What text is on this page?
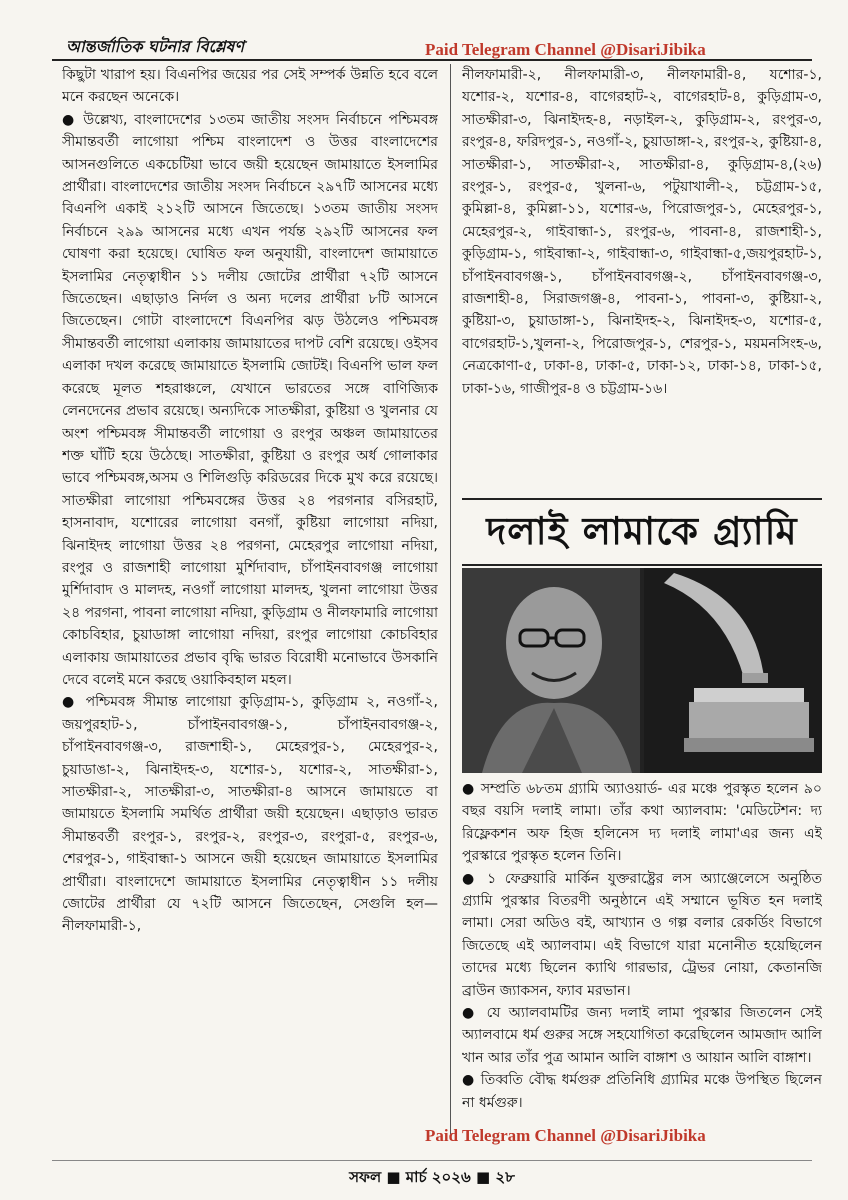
আন্তর্জাতিক ঘটনার বিশ্লেষণ	Paid Telegram Channel @DisariJibika

কিছুটা খারাপ হয়। বিএনপির জয়ের পর সেই সম্পর্ক উন্নতি হবে বলে মনে করছেন অনেকে।

● উল্লেখ্য, বাংলাদেশের ১৩তম জাতীয় সংসদ নির্বাচনে পশ্চিমবঙ্গ সীমান্তবর্তী লাগোয়া পশ্চিম বাংলাদেশ ও উত্তর বাংলাদেশের আসনগুলিতে একচেটিয়া ভাবে জয়ী হয়েছেন জামায়াতে ইসলামির প্রার্থীরা। বাংলাদেশের জাতীয় সংসদ নির্বাচনে ২৯৭টি আসনের মধ্যে বিএনপি একাই ২১২টি আসনে জিতেছে। ১৩তম জাতীয় সংসদ নির্বাচনে ২৯৯ আসনের মধ্যে এখন পর্যন্ত ২৯২টি আসনের ফল ঘোষণা করা হয়েছে। ঘোষিত ফল অনুযায়ী, বাংলাদেশ জামায়াতে ইসলামির নেতৃত্বাধীন ১১ দলীয় জোটের প্রার্থীরা ৭২টি আসনে জিতেছেন। এছাড়াও নির্দল ও অন্য দলের প্রার্থীরা ৮টি আসনে জিতেছেন। গোটা বাংলাদেশে বিএনপির ঝড় উঠলেও পশ্চিমবঙ্গ সীমান্তবর্তী লাগোয়া এলাকায় জামায়াতের দাপট বেশি রয়েছে। ওইসব এলাকা দখল করেছে জামায়াতে ইসলামি জোটই। বিএনপি ভাল ফল করেছে মূলত শহরাঞ্চলে, যেখানে ভারতের সঙ্গে বাণিজ্যিক লেনদেনের প্রভাব রয়েছে। অন্যদিকে সাতক্ষীরা, কুষ্টিয়া ও খুলনার যে অংশ পশ্চিমবঙ্গ সীমান্তবর্তী লাগোয়া ও রংপুর অঞ্চল জামায়াতের শক্ত ঘাঁটি হয়ে উঠেছে। সাতক্ষীরা, কুষ্টিয়া ও রংপুর অর্ধ গোলাকার ভাবে পশ্চিমবঙ্গ,অসম ও শিলিগুড়ি করিডরের দিকে মুখ করে রয়েছে। সাতক্ষীরা লাগোয়া পশ্চিমবঙ্গের উত্তর ২৪ পরগনার বসিরহাট, হাসনাবাদ, যশোরের লাগোয়া বনগাঁ, কুষ্টিয়া লাগোয়া নদিয়া, ঝিনাইদহ লাগোয়া উত্তর ২৪ পরগনা, মেহেরপুর লাগোয়া নদিয়া, রংপুর ও রাজশাহী লাগোয়া মুর্শিদাবাদ, চাঁপাইনবাবগঞ্জ লাগোয়া মুর্শিদাবাদ ও মালদহ, নওগাঁ লাগোয়া মালদহ, খুলনা লাগোয়া উত্তর ২৪ পরগনা, পাবনা লাগোয়া নদিয়া, কুড়িগ্রাম ও নীলফামারি লাগোয়া কোচবিহার, চুয়াডাঙ্গা লাগোয়া নদিয়া, রংপুর লাগোয়া কোচবিহার এলাকায় জামায়াতের প্রভাব বৃদ্ধি ভারত বিরোধী মনোভাবে উসকানি দেবে বলেই মনে করছে ওয়াকিবহাল মহল।

● পশ্চিমবঙ্গ সীমান্ত লাগোয়া কুড়িগ্রাম-১, কুড়িগ্রাম ২, নওগাঁ-২, জয়পুরহাট-১, চাঁপাইনবাবগঞ্জ-১, চাঁপাইনবাবগঞ্জ-২, চাঁপাইনবাবগঞ্জ-৩, রাজশাহী-১, মেহেরপুর-১, মেহেরপুর-২, চুয়াডাঙা-২, ঝিনাইদহ-৩, যশোর-১, যশোর-২, সাতক্ষীরা-১, সাতক্ষীরা-২, সাতক্ষীরা-৩, সাতক্ষীরা-৪ আসনে জামায়তে বা জামায়তে ইসলামি সমর্থিত প্রার্থীরা জয়ী হয়েছেন। এছাড়াও ভারত সীমান্তবর্তী রংপুর-১, রংপুর-২, রংপুর-৩, রংপুরা-৫, রংপুর-৬, শেরপুর-১, গাইবান্ধা-১ আসনে জয়ী হয়েছেন জামায়াতে ইসলামির প্রার্থীরা। বাংলাদেশে জামায়াতে ইসলামির নেতৃত্বাধীন ১১ দলীয় জোটের প্রার্থীরা যে ৭২টি আসনে জিতেছেন, সেগুলি হল— নীলফামারী-১,

নীলফামারী-২, নীলফামারী-৩, নীলফামারী-৪, যশোর-১, যশোর-২, যশোর-৪, বাগেরহাট-২, বাগেরহাট-৪, কুড়িগ্রাম-৩, সাতক্ষীরা-৩, ঝিনাইদহ-৪, নড়াইল-২, কুড়িগ্রাম-২, রংপুর-৩, রংপুর-৪, ফরিদপুর-১, নওগাঁ-২, চুয়াডাঙ্গা-২, রংপুর-২, কুষ্টিয়া-৪, সাতক্ষীরা-১, সাতক্ষীরা-২, সাতক্ষীরা-৪, কুড়িগ্রাম-৪,(২৬) রংপুর-১, রংপুর-৫, খুলনা-৬, পটুয়াখালী-২, চট্টগ্রাম-১৫, কুমিল্লা-৪, কুমিল্লা-১১, যশোর-৬, পিরোজপুর-১, মেহেরপুর-১, মেহেরপুর-২, গাইবান্ধা-১, রংপুর-৬, পাবনা-৪, রাজশাহী-১, কুড়িগ্রাম-১, গাইবান্ধা-২, গাইবান্ধা-৩, গাইবান্ধা-৫,জয়পুরহাট-১, চাঁপাইনবাবগঞ্জ-১, চাঁপাইনবাবগঞ্জ-২, চাঁপাইনবাবগঞ্জ-৩, রাজশাহী-৪, সিরাজগঞ্জ-৪, পাবনা-১, পাবনা-৩, কুষ্টিয়া-২, কুষ্টিয়া-৩, চুয়াডাঙ্গা-১, ঝিনাইদহ-২, ঝিনাইদহ-৩, যশোর-৫, বাগেরহাট-১,খুলনা-২, পিরোজপুর-১, শেরপুর-১, ময়মনসিংহ-৬, নেত্রকোণা-৫, ঢাকা-৪, ঢাকা-৫, ঢাকা-১২, ঢাকা-১৪, ঢাকা-১৫, ঢাকা-১৬, গাজীপুর-৪ ও চট্টগ্রাম-১৬।

দলাই লামাকে গ্র্যামি

● সম্প্রতি ৬৮তম গ্র্যামি অ্যাওয়ার্ড- এর মঞ্চে পুরস্কৃত হলেন ৯০ বছর বয়সি দলাই লামা। তাঁর কথা অ্যালবাম: 'মেডিটেশন: দ্য রিফ্লেকশন অফ হিজ হলিনেস দ্য দলাই লামা'এর জন্য এই পুরস্কারে পুরস্কৃত হলেন তিনি।

● ১ ফেব্রুয়ারি মার্কিন যুক্তরাষ্ট্রের লস অ্যাঞ্জেলেসে অনুষ্ঠিত গ্র্যামি পুরস্কার বিতরণী অনুষ্ঠানে এই সম্মানে ভূষিত হন দলাই লামা। সেরা অডিও বই, আখ্যান ও গল্প বলার রেকর্ডিং বিভাগে জিতেছে এই অ্যালবাম। এই বিভাগে যারা মনোনীত হয়েছিলেন তাদের মধ্যে ছিলেন ক্যাথি গারভার, ট্রেভর নোয়া, কেতানজি ব্রাউন জ্যাকসন, ফ্যাব মরভান।

● যে অ্যালবামটির জন্য দলাই লামা পুরস্কার জিতলেন সেই অ্যালবামে ধর্ম গুরুর সঙ্গে সহযোগিতা করেছিলেন আমজাদ আলি খান আর তাঁর পুত্র আমান আলি বাঙ্গাশ ও আয়ান আলি বাঙ্গাশ।

● তিব্বতি বৌদ্ধ ধর্মগুরু প্রতিনিধি গ্র্যামির মঞ্চে উপস্থিত ছিলেন না ধর্মগুরু।

Paid Telegram Channel @DisariJibika
সফল ■ মার্চ ২০২৬ ■ ২৮
